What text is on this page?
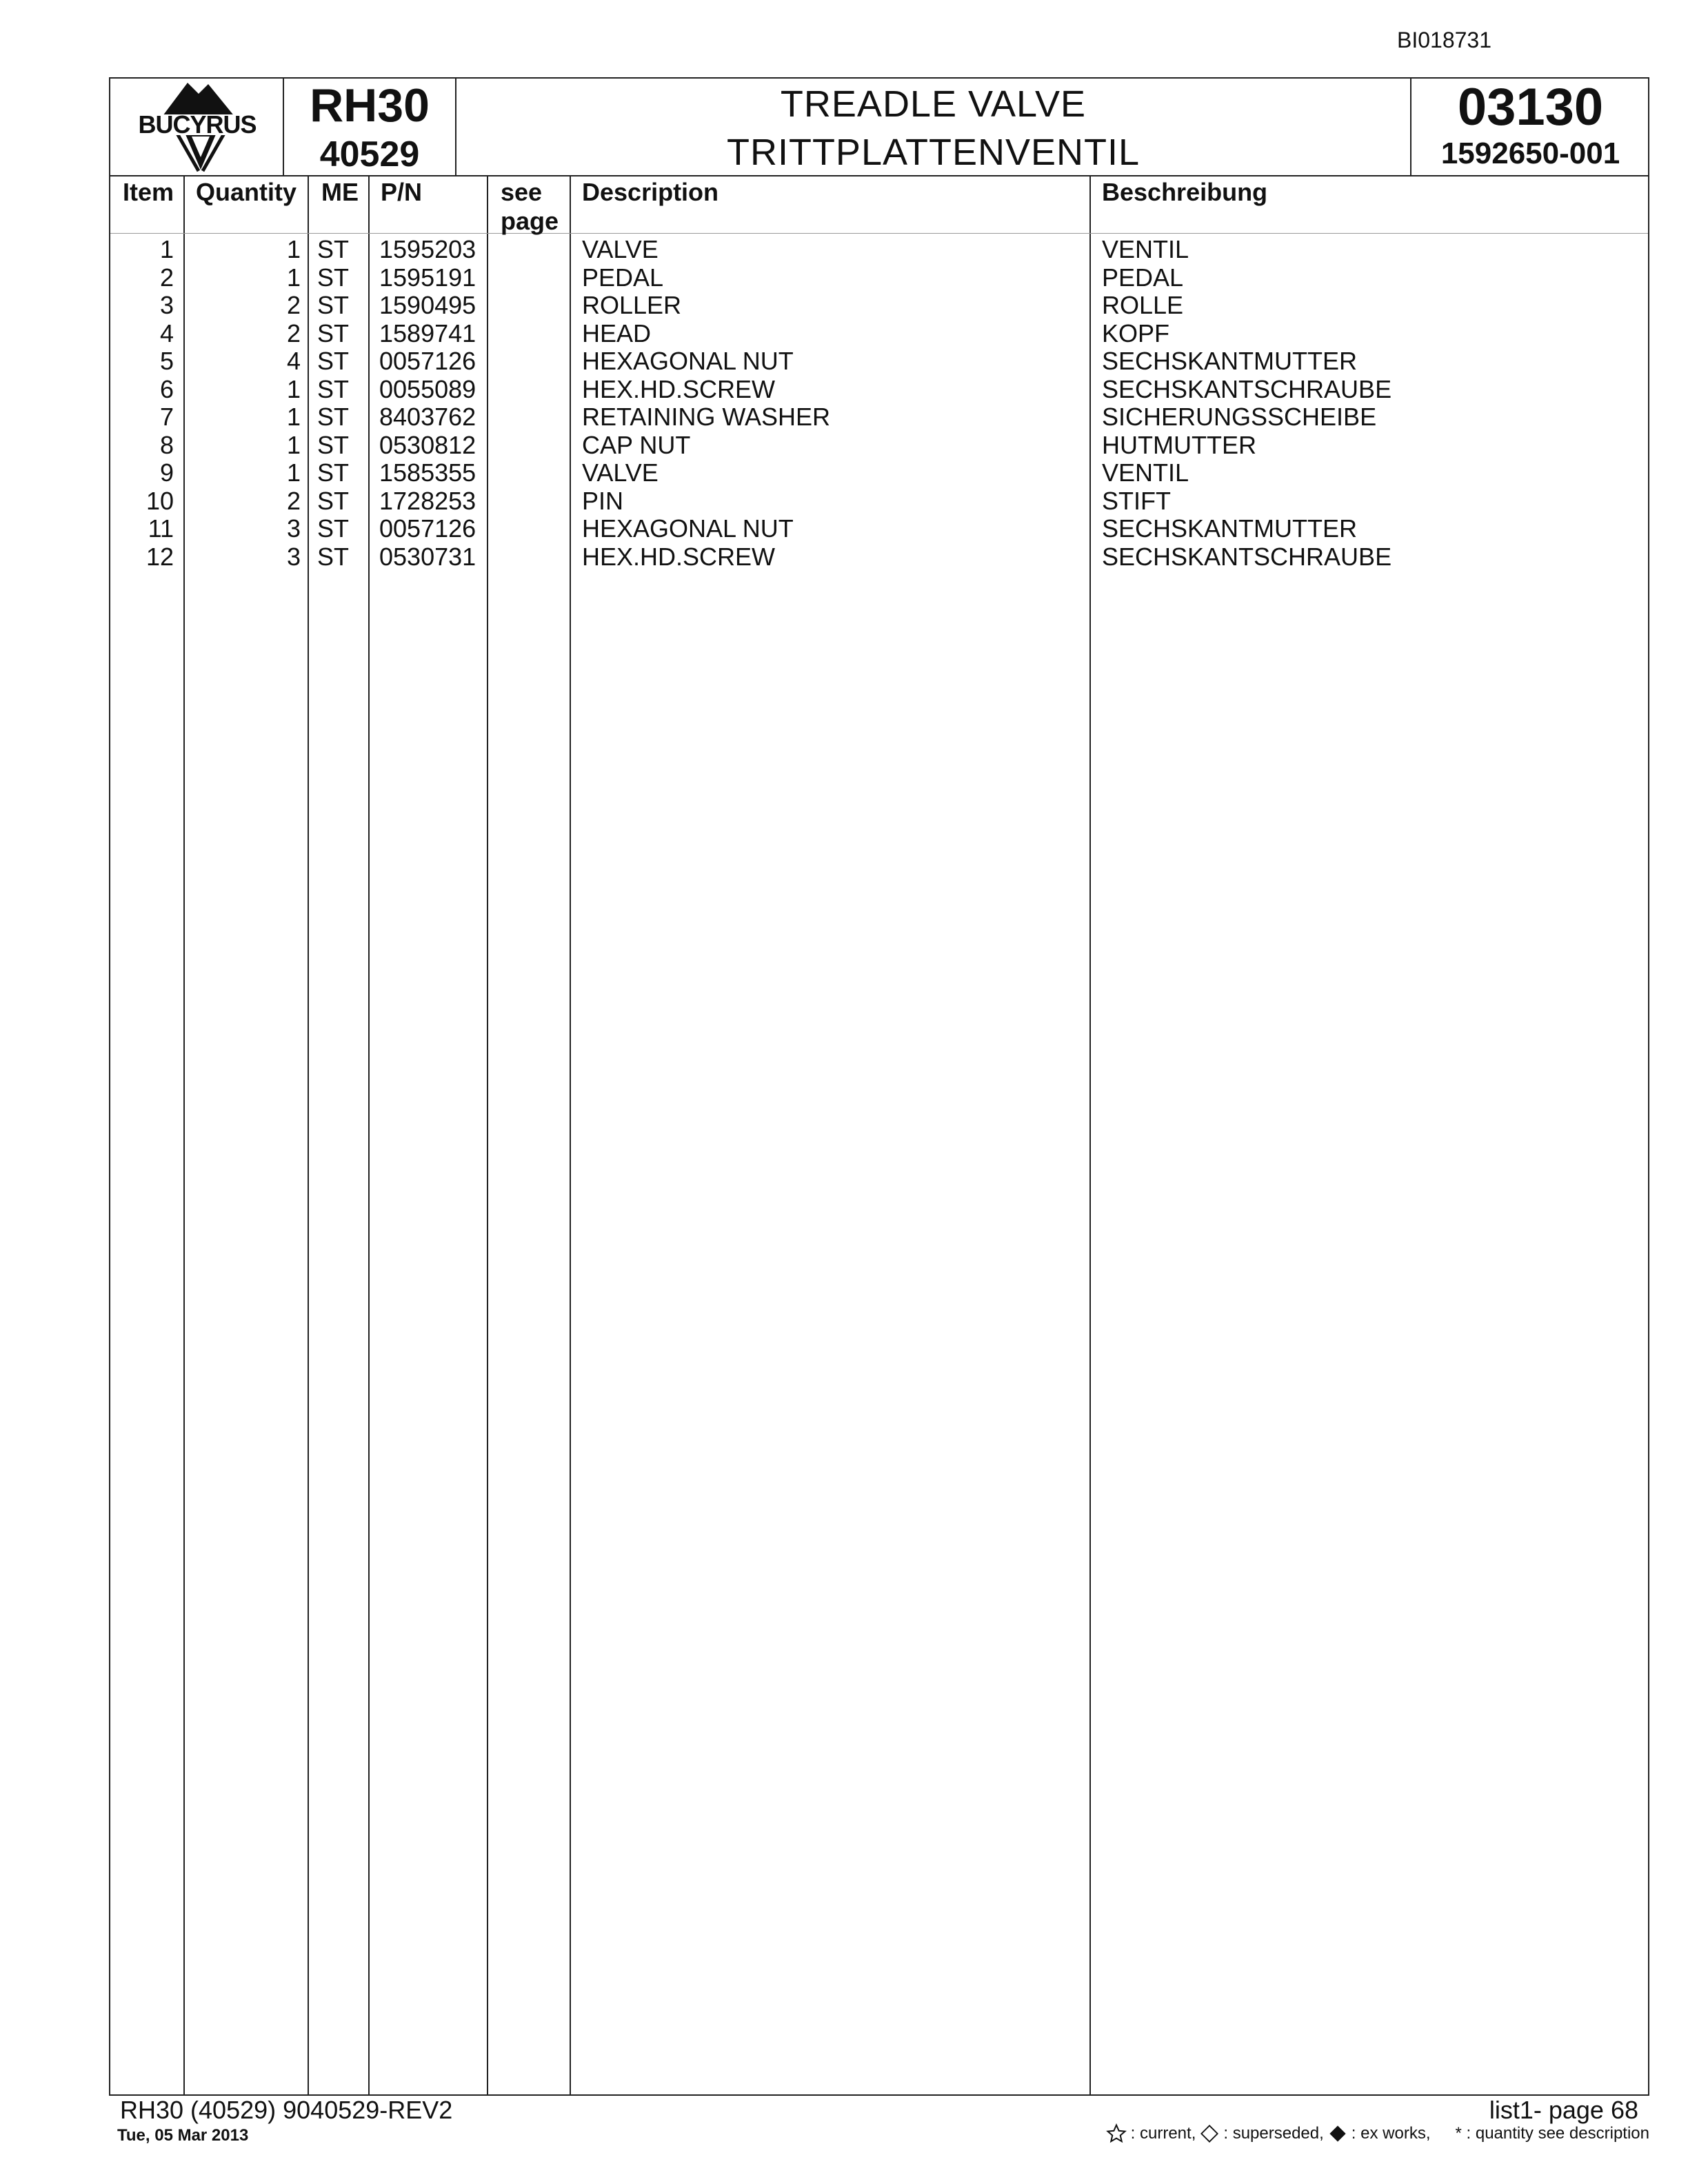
BI018731
BUCYRUS	RH30
40529
TREADLE VALVE
TRITTPLATTENVENTIL
03130
1592650-001
Item Quantity ME P/N	see
page
Description	Beschreibung
1	1 ST 1595203	VALVE	VENTIL
2	1 ST 1595191	PEDAL	PEDAL
3	2 ST 1590495	ROLLER	ROLLE
4	2 ST 1589741	HEAD	KOPF
5	4 ST 0057126	HEXAGONAL NUT	SECHSKANTMUTTER
6	1 ST 0055089	HEX.HD.SCREW	SECHSKANTSCHRAUBE
7	1 ST 8403762	RETAINING WASHER	SICHERUNGSSCHEIBE
8	1 ST 0530812	CAP NUT	HUTMUTTER
9	1 ST 1585355	VALVE	VENTIL
10	2 ST 1728253	PIN	STIFT
11	3 ST 0057126	HEXAGONAL NUT	SECHSKANTMUTTER
12	3 ST 0530731	HEX.HD.SCREW	SECHSKANTSCHRAUBE
RH30 (40529) 9040529-REV2
Tue, 05 Mar 2013
list1- page 68
: current, : superseded, : ex works, * : quantity see description
